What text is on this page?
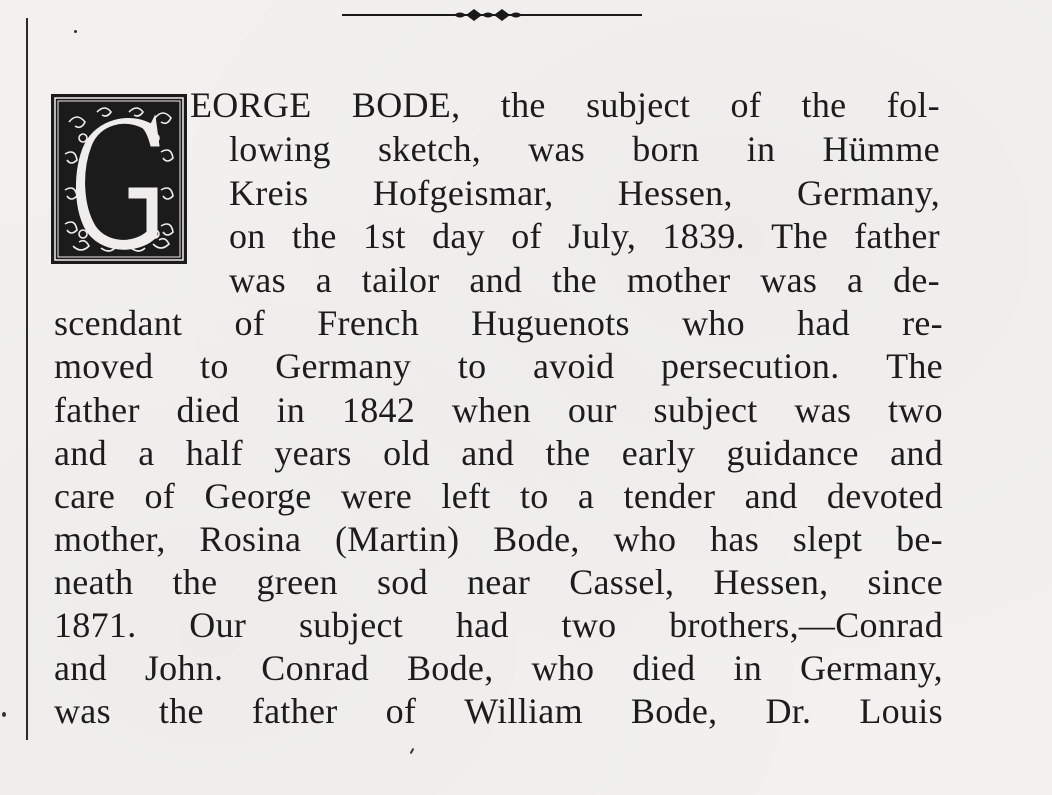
EORGE BODE, the subject of the fol-
lowing sketch, was born in Hümme
Kreis Hofgeismar, Hessen, Germany,
on the 1st day of July, 1839. The father
was a tailor and the mother was a de-
scendant of French Huguenots who had re-
moved to Germany to avoid persecution. The
father died in 1842 when our subject was two
and a half years old and the early guidance and
care of George were left to a tender and devoted
mother, Rosina (Martin) Bode, who has slept be-
neath the green sod near Cassel, Hessen, since
1871. Our subject had two brothers,—Conrad
and John. Conrad Bode, who died in Germany,
was the father of William Bode, Dr. Louis
